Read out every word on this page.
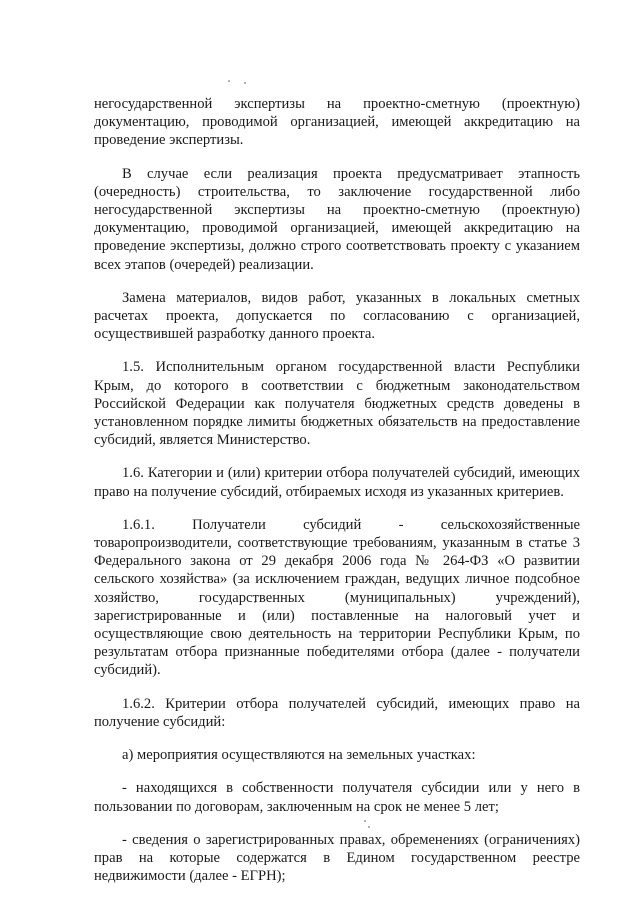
негосударственной экспертизы на проектно-сметную (проектную) документацию, проводимой организацией, имеющей аккредитацию на проведение экспертизы.

В случае если реализация проекта предусматривает этапность (очередность) строительства, то заключение государственной либо негосударственной экспертизы на проектно-сметную (проектную) документацию, проводимой организацией, имеющей аккредитацию на проведение экспертизы, должно строго соответствовать проекту с указанием всех этапов (очередей) реализации.

Замена материалов, видов работ, указанных в локальных сметных расчетах проекта, допускается по согласованию с организацией, осуществившей разработку данного проекта.

1.5. Исполнительным органом государственной власти Республики Крым, до которого в соответствии с бюджетным законодательством Российской Федерации как получателя бюджетных средств доведены в установленном порядке лимиты бюджетных обязательств на предоставление субсидий, является Министерство.

1.6. Категории и (или) критерии отбора получателей субсидий, имеющих право на получение субсидий, отбираемых исходя из указанных критериев.

1.6.1. Получатели субсидий - сельскохозяйственные товаропроизводители, соответствующие требованиям, указанным в статье 3 Федерального закона от 29 декабря 2006 года № 264-ФЗ «О развитии сельского хозяйства» (за исключением граждан, ведущих личное подсобное хозяйство, государственных (муниципальных) учреждений), зарегистрированные и (или) поставленные на налоговый учет и осуществляющие свою деятельность на территории Республики Крым, по результатам отбора признанные победителями отбора (далее - получатели субсидий).

1.6.2. Критерии отбора получателей субсидий, имеющих право на получение субсидий:

а) мероприятия осуществляются на земельных участках:

- находящихся в собственности получателя субсидии или у него в пользовании по договорам, заключенным на срок не менее 5 лет;

- сведения о зарегистрированных правах, обременениях (ограничениях) прав на которые содержатся в Едином государственном реестре недвижимости (далее - ЕГРН);
